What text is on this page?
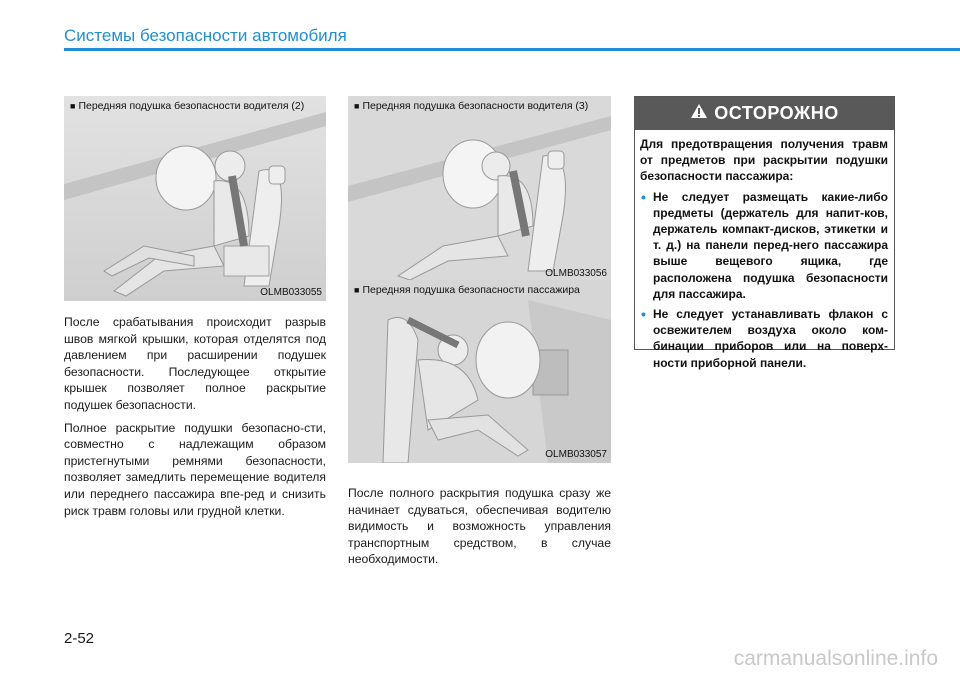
Системы безопасности автомобиля
■ Передняя подушка безопасности водителя (2)
OLMB033055
■ Передняя подушка безопасности водителя (3)
OLMB033056
■ Передняя подушка безопасности пассажира
OLMB033057

После срабатывания происходит разрыв швов мягкой крышки, которая отделятся под давлением при расширении подушек безопасности. Последующее открытие крышек позволяет полное раскрытие подушек безопасности.

Полное раскрытие подушки безопасно-сти, совместно с надлежащим образом пристегнутыми ремнями безопасности, позволяет замедлить перемещение водителя или переднего пассажира впе-ред и снизить риск травм головы или грудной клетки.

После полного раскрытия подушка сразу же начинает сдуваться, обеспечивая водителю видимость и возможность управления транспортным средством, в случае необходимости.

ОСТОРОЖНО
Для предотвращения получения травм от предметов при раскрытии подушки безопасности пассажира:
• Не следует размещать какие-либо предметы (держатель для напит-ков, держатель компакт-дисков, этикетки и т. д.) на панели перед-него пассажира выше вещевого ящика, где расположена подушка безопасности для пассажира.
• Не следует устанавливать флакон с освежителем воздуха около ком-бинации приборов или на поверх-ности приборной панели.
2-52
carmanualsonline.info
